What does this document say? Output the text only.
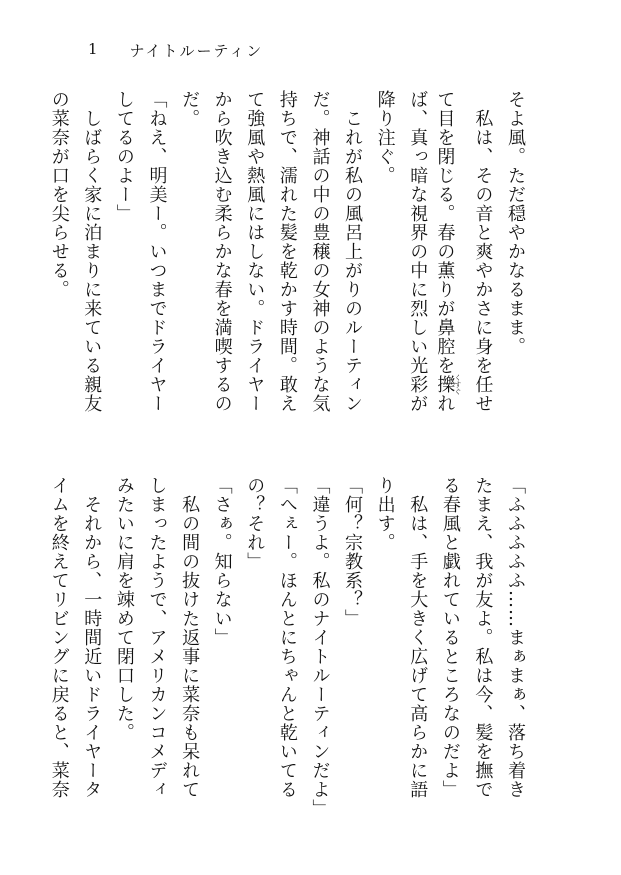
1 ナイトルーティン
そよ風。ただ穏やかなるまま。
　私は、その音と爽やかさに身を任せ
て目を閉じる。春の薫りが鼻腔を擽くすぐれ
ば、真っ暗な視界の中に烈しい光彩が
降り注ぐ。
　これが私の風呂上がりのルーティン
だ。神話の中の豊穣の女神のような気
持ちで、濡れた髪を乾かす時間。敢え
て強風や熱風にはしない。ドライヤー
から吹き込む柔らかな春を満喫するの
だ。
「ねえ、明美ー。いつまでドライヤー
してるのよー」
　しばらく家に泊まりに来ている親友
の菜奈が口を尖らせる。
「ふふふふふ……まぁまぁ、落ち着き
たまえ、我が友よ。私は今、髪を撫で
る春風と戯れているところなのだよ」
　私は、手を大きく広げて高らかに語
り出す。
「何？宗教系？」
「違うよ。私のナイトルーティンだよ」
「へぇー。ほんとにちゃんと乾いてる
の？それ」
「さぁ。知らない」
　私の間の抜けた返事に菜奈も呆れて
しまったようで、アメリカンコメディ
みたいに肩を竦めて閉口した。
　それから、一時間近いドライヤータ
イムを終えてリビングに戻ると、菜奈
